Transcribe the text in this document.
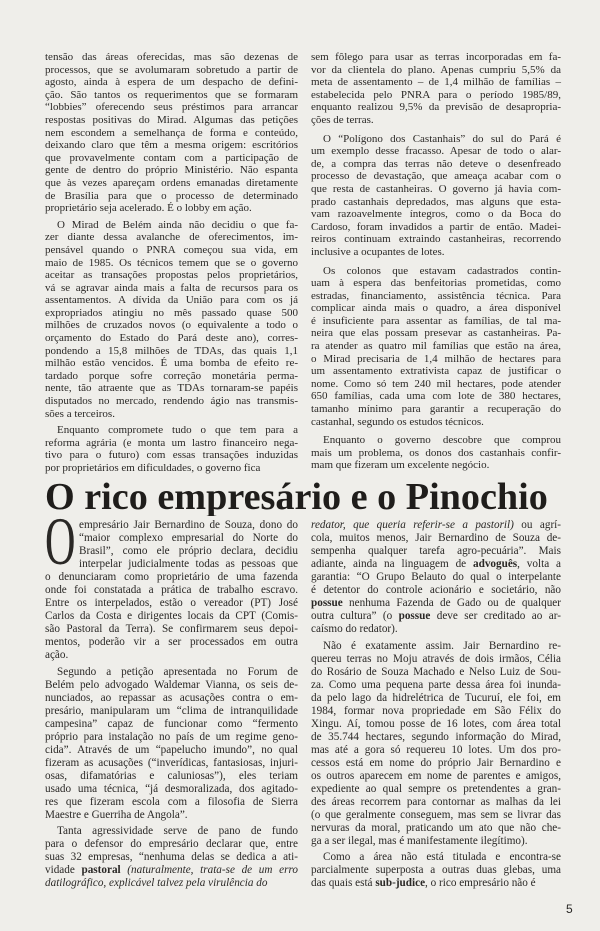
tensão das áreas oferecidas, mas são dezenas de
processos, que se avolumaram sobretudo a partir de
agosto, ainda à espera de um despacho de defini-
ção. São tantos os requerimentos que se formaram
“lobbies” oferecendo seus préstimos para arrancar
respostas positivas do Mirad. Algumas das petições
nem escondem a semelhança de forma e conteúdo,
deixando claro que têm a mesma origem: escritórios
que provavelmente contam com a participação de
gente de dentro do próprio Ministério. Não espanta
que às vezes apareçam ordens emanadas diretamente
de Brasília para que o processo de determinado
proprietário seja acelerado. É o lobby em ação.
O Mirad de Belém ainda não decidiu o que fa-
zer diante dessa avalanche de oferecimentos, im-
pensável quando o PNRA começou sua vida, em
maio de 1985. Os técnicos temem que se o governo
aceitar as transações propostas pelos proprietários,
vá se agravar ainda mais a falta de recursos para os
assentamentos. A dívida da União para com os já
expropriados atingiu no mês passado quase 500
milhões de cruzados novos (o equivalente a todo o
orçamento do Estado do Pará deste ano), corres-
pondendo a 15,8 milhões de TDAs, das quais 1,1
milhão estão vencidos. É uma bomba de efeito re-
tardado porque sofre correção monetária perma-
nente, tão atraente que as TDAs tornaram-se papéis
disputados no mercado, rendendo ágio nas transmis-
sões a terceiros.
Enquanto compromete tudo o que tem para a
reforma agrária (e monta um lastro financeiro nega-
tivo para o futuro) com essas transações induzidas
por proprietários em dificuldades, o governo fica
sem fôlego para usar as terras incorporadas em fa-
vor da clientela do plano. Apenas cumpriu 5,5% da
meta de assentamento – de 1,4 milhão de famílias –
estabelecida pelo PNRA para o período 1985/89,
enquanto realizou 9,5% da previsão de desapropria-
ções de terras.
O “Polígono dos Castanhais” do sul do Pará é
um exemplo desse fracasso. Apesar de todo o alar-
de, a compra das terras não deteve o desenfreado
processo de devastação, que ameaça acabar com o
que resta de castanheiras. O governo já havia com-
prado castanhais depredados, mas alguns que esta-
vam razoavelmente íntegros, como o da Boca do
Cardoso, foram invadidos a partir de então. Madei-
reiros continuam extraindo castanheiras, recorrendo
inclusive a ocupantes de lotes.
Os colonos que estavam cadastrados contin-
uam à espera das benfeitorias prometidas, como
estradas, financiamento, assistência técnica. Para
complicar ainda mais o quadro, a área disponível
é insuficiente para assentar as famílias, de tal ma-
neira que elas possam presevar as castanheiras. Pa-
ra atender as quatro mil famílias que estão na área,
o Mirad precisaria de 1,4 milhão de hectares para
um assentamento extrativista capaz de justificar o
nome. Como só tem 240 mil hectares, pode atender
650 famílias, cada uma com lote de 380 hectares,
tamanho mínimo para garantir a recuperação do
castanhal, segundo os estudos técnicos.
Enquanto o governo descobre que comprou
mais um problema, os donos dos castanhais confir-
mam que fizeram um excelente negócio.
O rico empresário e o Pinochio
O empresário Jair Bernardino de Souza, dono do
“maior complexo empresarial do Norte do
Brasil”, como ele próprio declara, decidiu
interpelar judicialmente todas as pessoas que
o denunciaram como proprietário de uma fazenda
onde foi constatada a prática de trabalho escravo.
Entre os interpelados, estão o vereador (PT) José
Carlos da Costa e dirigentes locais da CPT (Comis-
são Pastoral da Terra). Se confirmarem seus depoi-
mentos, poderão vir a ser processados em outra
ação.
Segundo a petição apresentada no Forum de
Belém pelo advogado Waldemar Vianna, os seis de-
nunciados, ao repassar as acusações contra o em-
presário, manipularam um “clima de intranquilidade
campesina” capaz de funcionar como “fermento
próprio para instalação no país de um regime geno-
cida”. Através de um “papelucho imundo”, no qual
fizeram as acusações (“inverídicas, fantasiosas, injuri-
osas, difamatórias e caluniosas”), eles teriam
usado uma técnica, “já desmoralizada, dos agitado-
res que fizeram escola com a filosofia de Sierra
Maestre e Guerriha de Angola”.
Tanta agressividade serve de pano de fundo
para o defensor do empresário declarar que, entre
suas 32 empresas, “nenhuma delas se dedica a ati-
vidade pastoral (naturalmente, trata-se de um erro
datilográfico, explicável talvez pela virulência do
redator, que queria referir-se a pastoril) ou agrí-
cola, muitos menos, Jair Bernardino de Souza de-
sempenha qualquer tarefa agro-pecuária”. Mais
adiante, ainda na linguagem de advoguês, volta a
garantia: “O Grupo Belauto do qual o interpelante
é detentor do controle acionário e societário, não
possue nenhuma Fazenda de Gado ou de qualquer
outra cultura” (o possue deve ser creditado ao ar-
caísmo do redator).
Não é exatamente assim. Jair Bernardino re-
quereu terras no Moju através de dois irmãos, Célia
do Rosário de Souza Machado e Nelso Luiz de Sou-
za. Como uma pequena parte dessa área foi inunda-
da pelo lago da hidrelétrica de Tucuruí, ele foi, em
1984, formar nova propriedade em São Félix do
Xingu. Aí, tomou posse de 16 lotes, com área total
de 35.744 hectares, segundo informação do Mirad,
mas até a gora só requereu 10 lotes. Um dos pro-
cessos está em nome do próprio Jair Bernardino e
os outros aparecem em nome de parentes e amigos,
expediente ao qual sempre os pretendentes a gran-
des áreas recorrem para contornar as malhas da lei
(o que geralmente conseguem, mas sem se livrar das
nervuras da moral, praticando um ato que não che-
ga a ser ilegal, mas é manifestamente ilegítimo).
Como a área não está titulada e encontra-se
parcialmente superposta a outras duas glebas, uma
das quais está sub-judice, o rico empresário não é
5
